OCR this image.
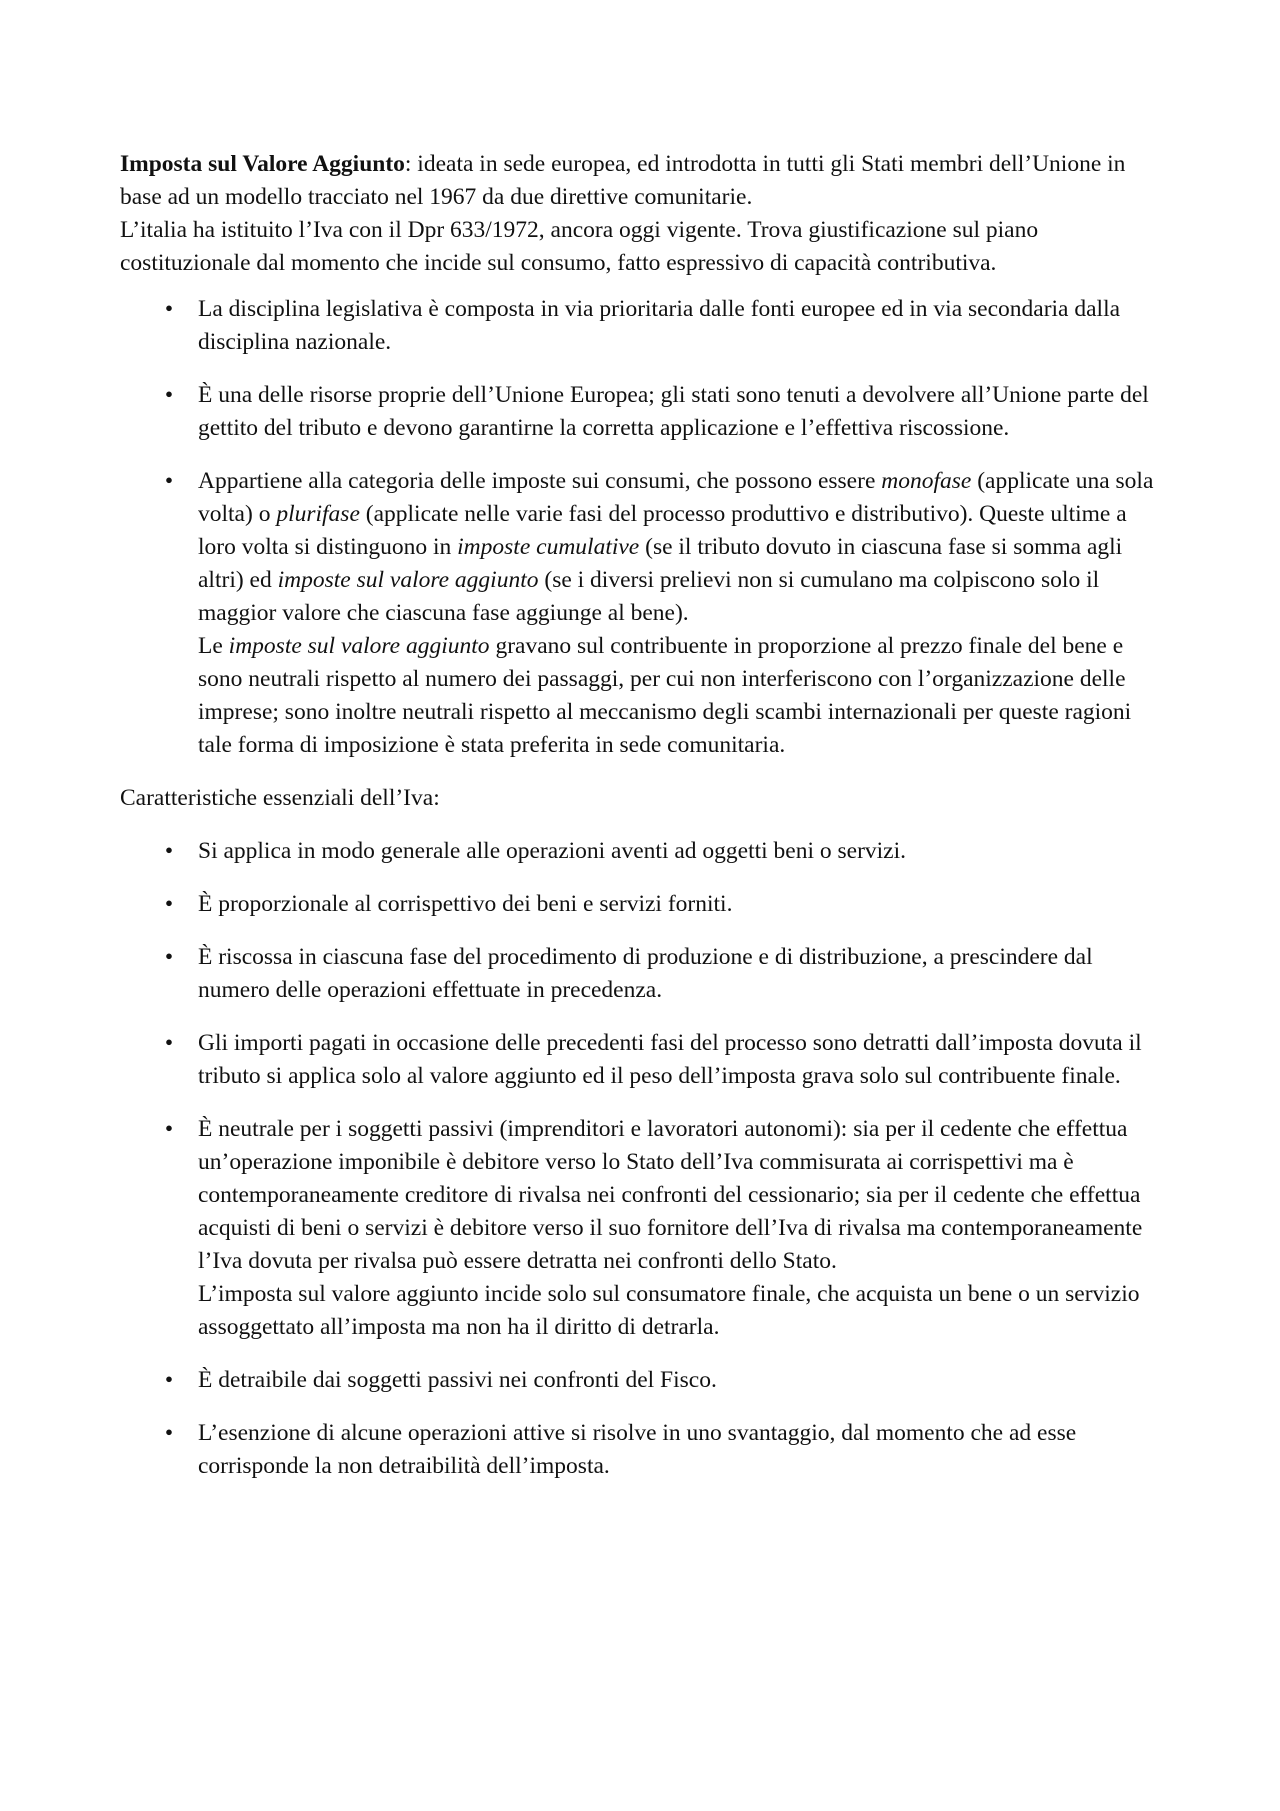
Imposta sul Valore Aggiunto: ideata in sede europea, ed introdotta in tutti gli Stati membri dell’Unione in base ad un modello tracciato nel 1967 da due direttive comunitarie.
L’italia ha istituito l’Iva con il Dpr 633/1972, ancora oggi vigente. Trova giustificazione sul piano costituzionale dal momento che incide sul consumo, fatto espressivo di capacità contributiva.

• La disciplina legislativa è composta in via prioritaria dalle fonti europee ed in via secondaria dalla disciplina nazionale.
• È una delle risorse proprie dell’Unione Europea; gli stati sono tenuti a devolvere all’Unione parte del gettito del tributo e devono garantirne la corretta applicazione e l’effettiva riscossione.
• Appartiene alla categoria delle imposte sui consumi, che possono essere monofase (applicate una sola volta) o plurifase (applicate nelle varie fasi del processo produttivo e distributivo). Queste ultime a loro volta si distinguono in imposte cumulative (se il tributo dovuto in ciascuna fase si somma agli altri) ed imposte sul valore aggiunto (se i diversi prelievi non si cumulano ma colpiscono solo il maggior valore che ciascuna fase aggiunge al bene).
Le imposte sul valore aggiunto gravano sul contribuente in proporzione al prezzo finale del bene e sono neutrali rispetto al numero dei passaggi, per cui non interferiscono con l’organizzazione delle imprese; sono inoltre neutrali rispetto al meccanismo degli scambi internazionali per queste ragioni tale forma di imposizione è stata preferita in sede comunitaria.

Caratteristiche essenziali dell’Iva:

• Si applica in modo generale alle operazioni aventi ad oggetti beni o servizi.
• È proporzionale al corrispettivo dei beni e servizi forniti.
• È riscossa in ciascuna fase del procedimento di produzione e di distribuzione, a prescindere dal numero delle operazioni effettuate in precedenza.
• Gli importi pagati in occasione delle precedenti fasi del processo sono detratti dall’imposta dovuta il tributo si applica solo al valore aggiunto ed il peso dell’imposta grava solo sul contribuente finale.
• È neutrale per i soggetti passivi (imprenditori e lavoratori autonomi): sia per il cedente che effettua un’operazione imponibile è debitore verso lo Stato dell’Iva commisurata ai corrispettivi ma è contemporaneamente creditore di rivalsa nei confronti del cessionario; sia per il cedente che effettua acquisti di beni o servizi è debitore verso il suo fornitore dell’Iva di rivalsa ma contemporaneamente l’Iva dovuta per rivalsa può essere detratta nei confronti dello Stato.
L’imposta sul valore aggiunto incide solo sul consumatore finale, che acquista un bene o un servizio assoggettato all’imposta ma non ha il diritto di detrarla.
• È detraibile dai soggetti passivi nei confronti del Fisco.
• L’esenzione di alcune operazioni attive si risolve in uno svantaggio, dal momento che ad esse corrisponde la non detraibilità dell’imposta.
